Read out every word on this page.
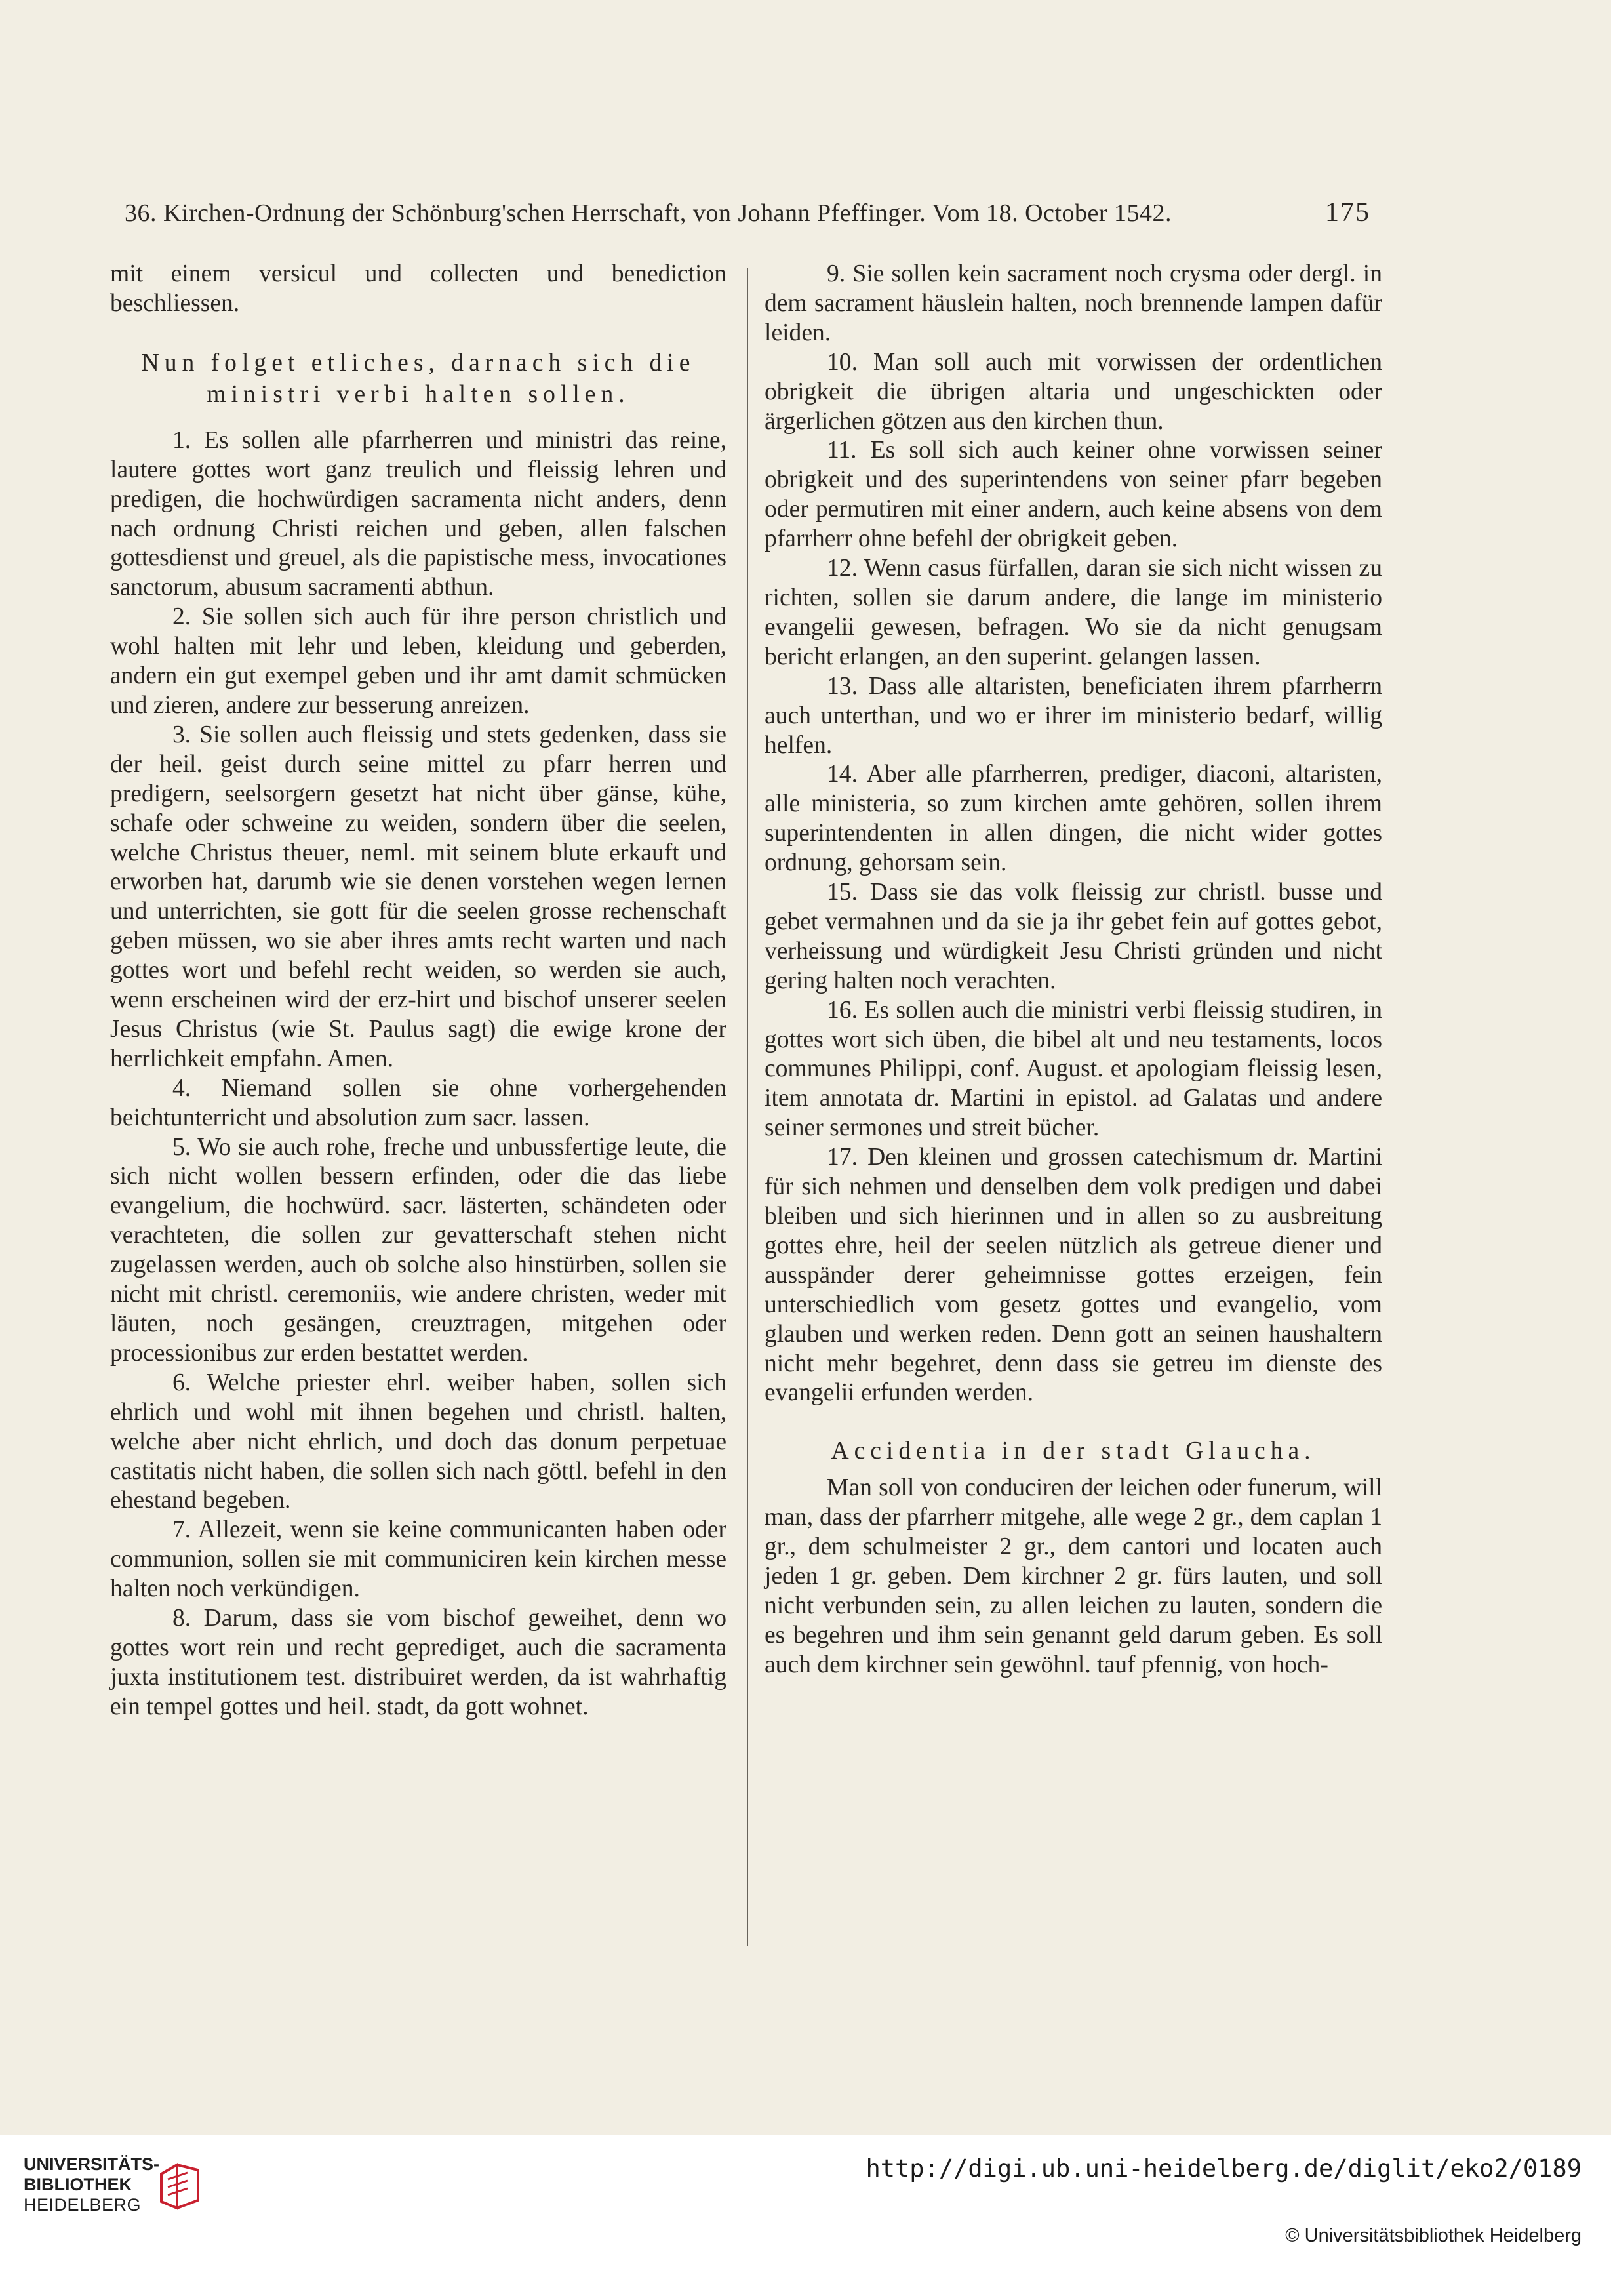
36. Kirchen-Ordnung der Schönburg'schen Herrschaft, von Johann Pfeffinger. Vom 18. October 1542.	175

mit einem versicul und collecten und benediction beschliessen.

Nun folget etliches, darnach sich die ministri verbi halten sollen.

1. Es sollen alle pfarrherren und ministri das reine, lautere gottes wort ganz treulich und fleissig lehren und predigen, die hochwürdigen sacramenta nicht anders, denn nach ordnung Christi reichen und geben, allen falschen gottesdienst und greuel, als die papistische mess, invocationes sanctorum, abusum sacramenti abthun.

2. Sie sollen sich auch für ihre person christlich und wohl halten mit lehr und leben, kleidung und geberden, andern ein gut exempel geben und ihr amt damit schmücken und zieren, andere zur besserung anreizen.

3. Sie sollen auch fleissig und stets gedenken, dass sie der heil. geist durch seine mittel zu pfarr herren und predigern, seelsorgern gesetzt hat nicht über gänse, kühe, schafe oder schweine zu weiden, sondern über die seelen, welche Christus theuer, neml. mit seinem blute erkauft und erworben hat, darumb wie sie denen vorstehen wegen lernen und unterrichten, sie gott für die seelen grosse rechenschaft geben müssen, wo sie aber ihres amts recht warten und nach gottes wort und befehl recht weiden, so werden sie auch, wenn erscheinen wird der erz-hirt und bischof unserer seelen Jesus Christus (wie St. Paulus sagt) die ewige krone der herrlichkeit empfahn. Amen.

4. Niemand sollen sie ohne vorhergehenden beichtunterricht und absolution zum sacr. lassen.

5. Wo sie auch rohe, freche und unbussfertige leute, die sich nicht wollen bessern erfinden, oder die das liebe evangelium, die hochwürd. sacr. lästerten, schändeten oder verachteten, die sollen zur gevatterschaft stehen nicht zugelassen werden, auch ob solche also hinstürben, sollen sie nicht mit christl. ceremoniis, wie andere christen, weder mit läuten, noch gesängen, creuztragen, mitgehen oder processionibus zur erden bestattet werden.

6. Welche priester ehrl. weiber haben, sollen sich ehrlich und wohl mit ihnen begehen und christl. halten, welche aber nicht ehrlich, und doch das donum perpetuae castitatis nicht haben, die sollen sich nach göttl. befehl in den ehestand begeben.

7. Allezeit, wenn sie keine communicanten haben oder communion, sollen sie mit communiciren kein kirchen messe halten noch verkündigen.

8. Darum, dass sie vom bischof geweihet, denn wo gottes wort rein und recht geprediget, auch die sacramenta juxta institutionem test. distribuiret werden, da ist wahrhaftig ein tempel gottes und heil. stadt, da gott wohnet.

9. Sie sollen kein sacrament noch crysma oder dergl. in dem sacrament häuslein halten, noch brennende lampen dafür leiden.

10. Man soll auch mit vorwissen der ordentlichen obrigkeit die übrigen altaria und ungeschickten oder ärgerlichen götzen aus den kirchen thun.

11. Es soll sich auch keiner ohne vorwissen seiner obrigkeit und des superintendens von seiner pfarr begeben oder permutiren mit einer andern, auch keine absens von dem pfarrherr ohne befehl der obrigkeit geben.

12. Wenn casus fürfallen, daran sie sich nicht wissen zu richten, sollen sie darum andere, die lange im ministerio evangelii gewesen, befragen. Wo sie da nicht genugsam bericht erlangen, an den superint. gelangen lassen.

13. Dass alle altaristen, beneficiaten ihrem pfarrherrn auch unterthan, und wo er ihrer im ministerio bedarf, willig helfen.

14. Aber alle pfarrherren, prediger, diaconi, altaristen, alle ministeria, so zum kirchen amte gehören, sollen ihrem superintendenten in allen dingen, die nicht wider gottes ordnung, gehorsam sein.

15. Dass sie das volk fleissig zur christl. busse und gebet vermahnen und da sie ja ihr gebet fein auf gottes gebot, verheissung und würdigkeit Jesu Christi gründen und nicht gering halten noch verachten.

16. Es sollen auch die ministri verbi fleissig studiren, in gottes wort sich üben, die bibel alt und neu testaments, locos communes Philippi, conf. August. et apologiam fleissig lesen, item annotata dr. Martini in epistol. ad Galatas und andere seiner sermones und streit bücher.

17. Den kleinen und grossen catechismum dr. Martini für sich nehmen und denselben dem volk predigen und dabei bleiben und sich hierinnen und in allen so zu ausbreitung gottes ehre, heil der seelen nützlich als getreue diener und ausspänder derer geheimnisse gottes erzeigen, fein unterschiedlich vom gesetz gottes und evangelio, vom glauben und werken reden. Denn gott an seinen haushaltern nicht mehr begehret, denn dass sie getreu im dienste des evangelii erfunden werden.

Accidentia in der stadt Glaucha.

Man soll von conduciren der leichen oder funerum, will man, dass der pfarrherr mitgehe, alle wege 2 gr., dem caplan 1 gr., dem schulmeister 2 gr., dem cantori und locaten auch jeden 1 gr. geben. Dem kirchner 2 gr. fürs lauten, und soll nicht verbunden sein, zu allen leichen zu lauten, sondern die es begehren und ihm sein genannt geld darum geben. Es soll auch dem kirchner sein gewöhnl. tauf pfennig, von hoch-

UNIVERSITÄTS-
BIBLIOTHEK
HEIDELBERG
http://digi.ub.uni-heidelberg.de/diglit/eko2/0189
© Universitätsbibliothek Heidelberg
